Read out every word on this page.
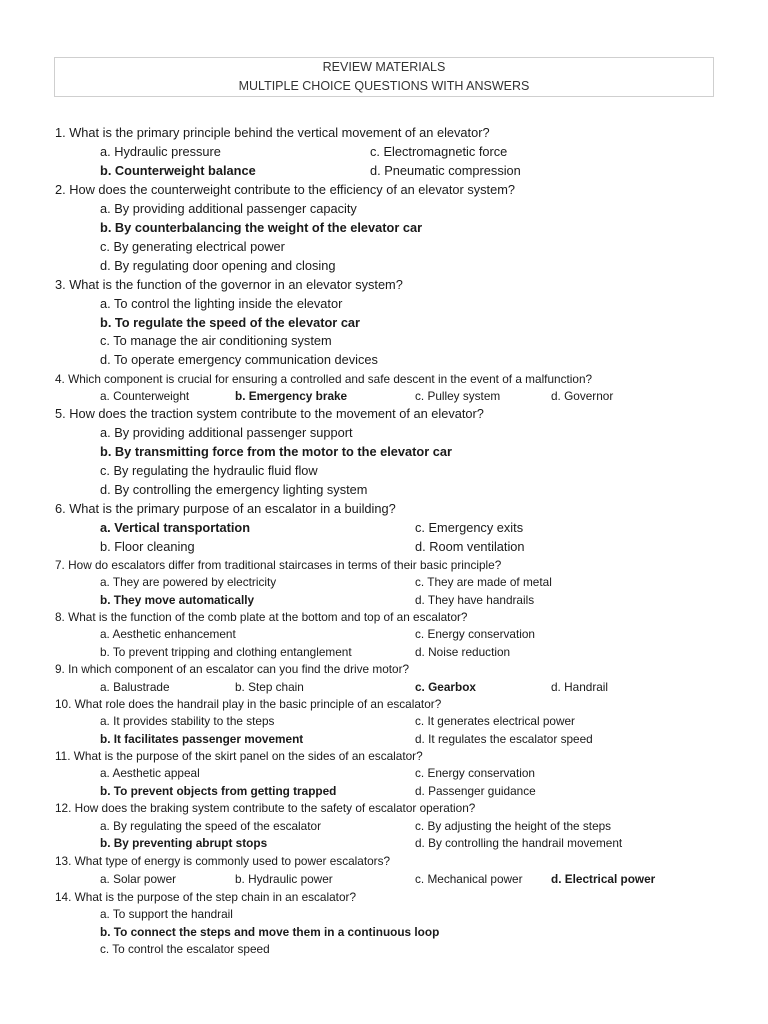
REVIEW MATERIALS
MULTIPLE CHOICE QUESTIONS WITH ANSWERS
1. What is the primary principle behind the vertical movement of an elevator?
a. Hydraulic pressure	c. Electromagnetic force
b. Counterweight balance	d. Pneumatic compression
2. How does the counterweight contribute to the efficiency of an elevator system?
a. By providing additional passenger capacity
b. By counterbalancing the weight of the elevator car
c. By generating electrical power
d. By regulating door opening and closing
3. What is the function of the governor in an elevator system?
a. To control the lighting inside the elevator
b. To regulate the speed of the elevator car
c. To manage the air conditioning system
d. To operate emergency communication devices
4. Which component is crucial for ensuring a controlled and safe descent in the event of a malfunction?
a. Counterweight	b. Emergency brake	c. Pulley system	d. Governor
5. How does the traction system contribute to the movement of an elevator?
a. By providing additional passenger support
b. By transmitting force from the motor to the elevator car
c. By regulating the hydraulic fluid flow
d. By controlling the emergency lighting system
6. What is the primary purpose of an escalator in a building?
a. Vertical transportation	c. Emergency exits
b. Floor cleaning	d. Room ventilation
7. How do escalators differ from traditional staircases in terms of their basic principle?
a. They are powered by electricity	c. They are made of metal
b. They move automatically	d. They have handrails
8. What is the function of the comb plate at the bottom and top of an escalator?
a. Aesthetic enhancement	c. Energy conservation
b. To prevent tripping and clothing entanglement	d. Noise reduction
9. In which component of an escalator can you find the drive motor?
a. Balustrade	b. Step chain	c. Gearbox	d. Handrail
10. What role does the handrail play in the basic principle of an escalator?
a. It provides stability to the steps	c. It generates electrical power
b. It facilitates passenger movement	d. It regulates the escalator speed
11. What is the purpose of the skirt panel on the sides of an escalator?
a. Aesthetic appeal	c. Energy conservation
b. To prevent objects from getting trapped	d. Passenger guidance
12. How does the braking system contribute to the safety of escalator operation?
a. By regulating the speed of the escalator	c. By adjusting the height of the steps
b. By preventing abrupt stops	d. By controlling the handrail movement
13. What type of energy is commonly used to power escalators?
a. Solar power	b. Hydraulic power	c. Mechanical power d. Electrical power
14. What is the purpose of the step chain in an escalator?
a. To support the handrail
b. To connect the steps and move them in a continuous loop
c. To control the escalator speed
